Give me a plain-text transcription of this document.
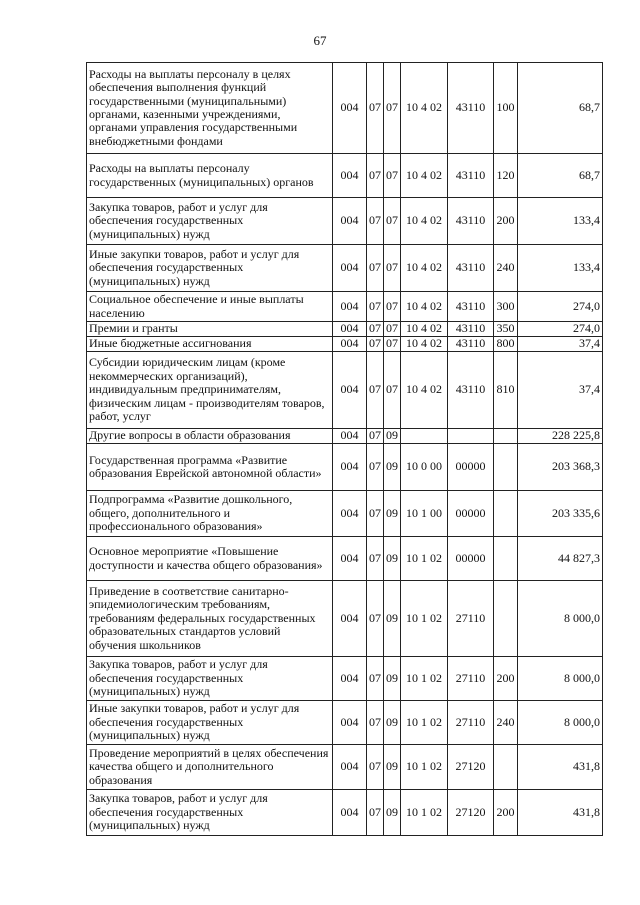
67
Расходы на выплаты персоналу в целях обеспечения выполнения функций государственными (муниципальными) органами, казенными учреждениями, органами управления государственными внебюджетными фондами	004	07	07	10 4 02	43110	100	68,7
Расходы на выплаты персоналу государственных (муниципальных) органов	004	07	07	10 4 02	43110	120	68,7
Закупка товаров, работ и услуг для обеспечения государственных (муниципальных) нужд	004	07	07	10 4 02	43110	200	133,4
Иные закупки товаров, работ и услуг для обеспечения государственных (муниципальных) нужд	004	07	07	10 4 02	43110	240	133,4
Социальное обеспечение и иные выплаты населению	004	07	07	10 4 02	43110	300	274,0
Премии и гранты	004	07	07	10 4 02	43110	350	274,0
Иные бюджетные ассигнования	004	07	07	10 4 02	43110	800	37,4
Субсидии юридическим лицам (кроме некоммерческих организаций), индивидуальным предпринимателям, физическим лицам - производителям товаров, работ, услуг	004	07	07	10 4 02	43110	810	37,4
Другие вопросы в области образования	004	07	09				228 225,8
Государственная программа «Развитие образования Еврейской автономной области»	004	07	09	10 0 00	00000		203 368,3
Подпрограмма «Развитие дошкольного, общего, дополнительного и профессионального образования»	004	07	09	10 1 00	00000		203 335,6
Основное мероприятие «Повышение доступности и качества общего образования»	004	07	09	10 1 02	00000		44 827,3
Приведение в соответствие санитарно-эпидемиологическим требованиям, требованиям федеральных государственных образовательных стандартов условий обучения школьников	004	07	09	10 1 02	27110		8 000,0
Закупка товаров, работ и услуг для обеспечения государственных (муниципальных) нужд	004	07	09	10 1 02	27110	200	8 000,0
Иные закупки товаров, работ и услуг для обеспечения государственных (муниципальных) нужд	004	07	09	10 1 02	27110	240	8 000,0
Проведение мероприятий в целях обеспечения качества общего и дополнительного образования	004	07	09	10 1 02	27120		431,8
Закупка товаров, работ и услуг для обеспечения государственных (муниципальных) нужд	004	07	09	10 1 02	27120	200	431,8
